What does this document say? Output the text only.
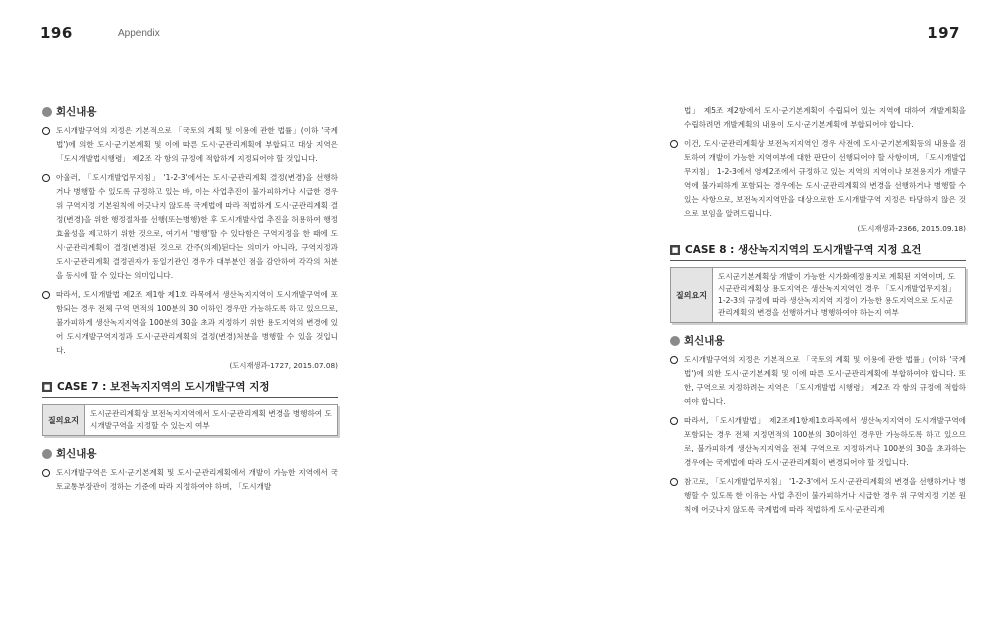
196	Appendix
회신내용
도시개발구역의 지정은 기본적으로 「국토의 계획 및 이용에 관한 법률」(이하 '국계법')에 의한 도시·군기본계획 및 이에 따른 도시·군관리계획에 부합되고 대상 지역은 「도시개발법시행령」 제2조 각 항의 규정에 적합하게 지정되어야 할 것입니다.
아울러, 「도시개발업무지침」 '1-2-3'에서는 도시·군관리계획 결정(변경)을 선행하거나 병행할 수 있도록 규정하고 있는 바, 이는 사업추진이 불가피하거나 시급한 경우 위 구역지정 기본원칙에 어긋나지 않도록 국계법에 따라 적법하게 도시·군관리계획 결정(변경)을 위한 행정절차를 선행(또는병행)한 후 도시개발사업 추진을 허용하여 행정효율성을 제고하기 위한 것으로, 여기서 '병행'할 수 있다함은 구역지정을 한 때에 도시·군관리계획이 결정(변경)된 것으로 간주(의제)된다는 의미가 아니라, 구역지정과 도시·군관리계획 결정권자가 동일기관인 경우가 대부분인 점을 감안하여 각각의 처분을 동시에 할 수 있다는 의미입니다.
따라서, 도시개발법 제2조 제1항 제1호 라목에서 생산녹지지역이 도시개발구역에 포함되는 경우 전체 구역 면적의 100분의 30 이하인 경우만 가능하도록 하고 있으므로, 불가피하게 생산녹지지역을 100분의 30을 초과 지정하기 위한 용도지역의 변경에 있어 도시개발구역지정과 도시·군관리계획의 결정(변경)처분을 병행할 수 있을 것입니다.
(도시재생과-1727, 2015.07.08)
■ CASE 7 : 보전녹지지역의 도시개발구역 지정
질의요지
도시군관리계획상 보전녹지지역에서 도시·군관리계획 변경을 병행하여 도시개발구역을 지정할 수 있는지 여부
회신내용
도시개발구역은 도시·군기본계획 및 도시·군관리계획에서 개발이 가능한 지역에서 국토교통부장관이 정하는 기준에 따라 지정하여야 하며, 「도시개발
197
법」 제5조 제2항에서 도시·군기본계획이 수립되어 있는 지역에 대하여 개발계획을 수립하려면 개발계획의 내용이 도시·군기본계획에 부합되어야 합니다.
이건, 도시·군관리계획상 보전녹지지역인 경우 사전에 도시·군기본계획등의 내용을 검토하여 개발이 가능한 지역여부에 대한 판단이 선행되어야 할 사항이며, 「도시개발업무지침」 1-2-3에서 영제2조에서 규정하고 있는 지역의 지역이나 보전용지가 개발구역에 불가피하게 포함되는 경우에는 도시·군관리계획의 변경을 선행하거나 병행할 수 있는 사항으로, 보전녹지지역만을 대상으로한 도시개발구역 지정은 타당하지 않은 것으로 보임을 알려드립니다.
(도시재생과-2366, 2015.09.18)
■ CASE 8 : 생산녹지지역의 도시개발구역 지정 요건
질의요지
도시군기본계획상 개발이 가능한 시가화예정용지로 계획된 지역이며, 도시군관리계획상 용도지역은 생산녹지지역인 경우 「도시개발업무지침」 1-2-3의 규정에 따라 생산녹지지역 지정이 가능한 용도지역으로 도시군관리계획의 변경을 선행하거나 병행하여야 하는지 여부
회신내용
도시개발구역의 지정은 기본적으로 「국토의 계획 및 이용에 관한 법률」(이하 '국계법')에 의한 도시·군기본계획 및 이에 따른 도시·군관리계획에 부합하여야 합니다. 또한, 구역으로 지정하려는 지역은 「도시개발법 시행령」 제2조 각 항의 규정에 적합하여야 합니다.
따라서, 「도시개발법」 제2조제1항제1호라목에서 생산녹지지역이 도시개발구역에 포함되는 경우 전체 지정면적의 100분의 30이하인 경우만 가능하도록 하고 있으므로, 불가피하게 생산녹지지역을 전체 구역으로 지정하거나 100분의 30을 초과하는 경우에는 국계법에 따라 도시·군관리계획이 변경되어야 할 것입니다.
참고로, 「도시개발업무지침」 '1-2-3'에서 도시·군관리계획의 변경을 선행하거나 병행할 수 있도록 한 이유는 사업 추진이 불가피하거나 시급한 경우 위 구역지정 기본 원칙에 어긋나지 않도록 국계법에 따라 적법하게 도시·군관리계
